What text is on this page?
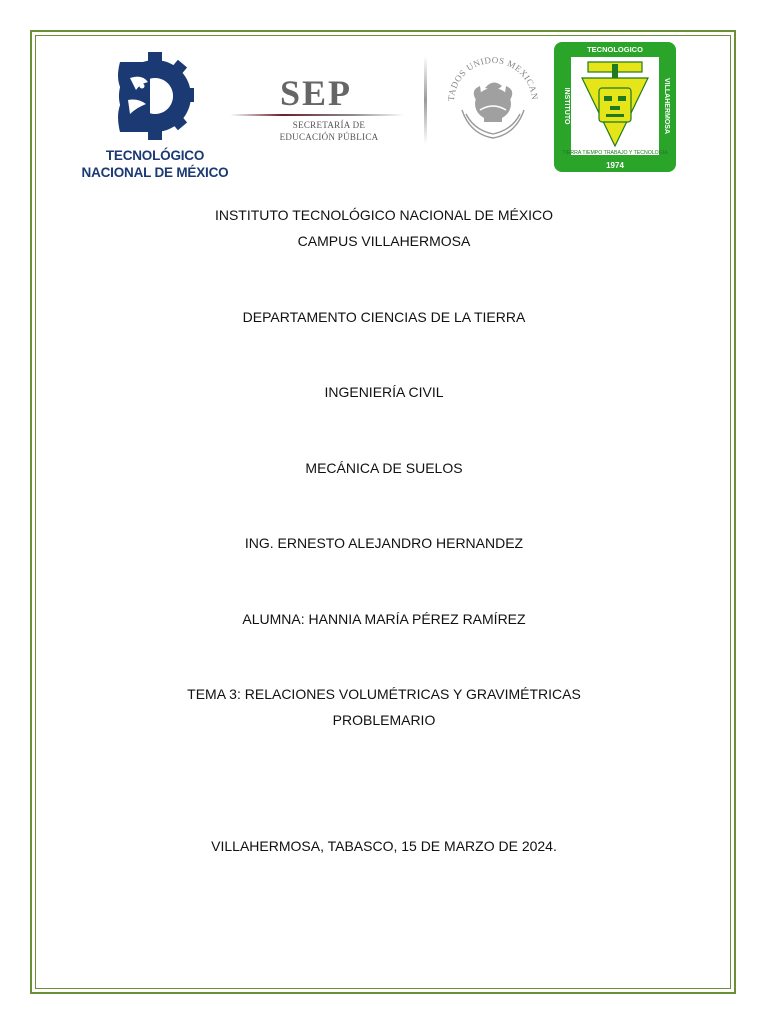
TECNOLÓGICO
NACIONAL DE MÉXICO
SEP
SECRETARÍA DE
EDUCACIÓN PÚBLICA
TADOS UNIDOS MEXICAN
TECNOLOGICO
INSTITUTO	VILLAHERMOSA
1974
TIERRA TIEMPO TRABAJO Y TECNOLOGÍA
INSTITUTO TECNOLÓGICO NACIONAL DE MÉXICO
CAMPUS VILLAHERMOSA
DEPARTAMENTO CIENCIAS DE LA TIERRA
INGENIERÍA CIVIL
MECÁNICA DE SUELOS
ING. ERNESTO ALEJANDRO HERNANDEZ
ALUMNA: HANNIA MARÍA PÉREZ RAMÍREZ
TEMA 3: RELACIONES VOLUMÉTRICAS Y GRAVIMÉTRICAS
PROBLEMARIO
VILLAHERMOSA, TABASCO, 15 DE MARZO DE 2024.
